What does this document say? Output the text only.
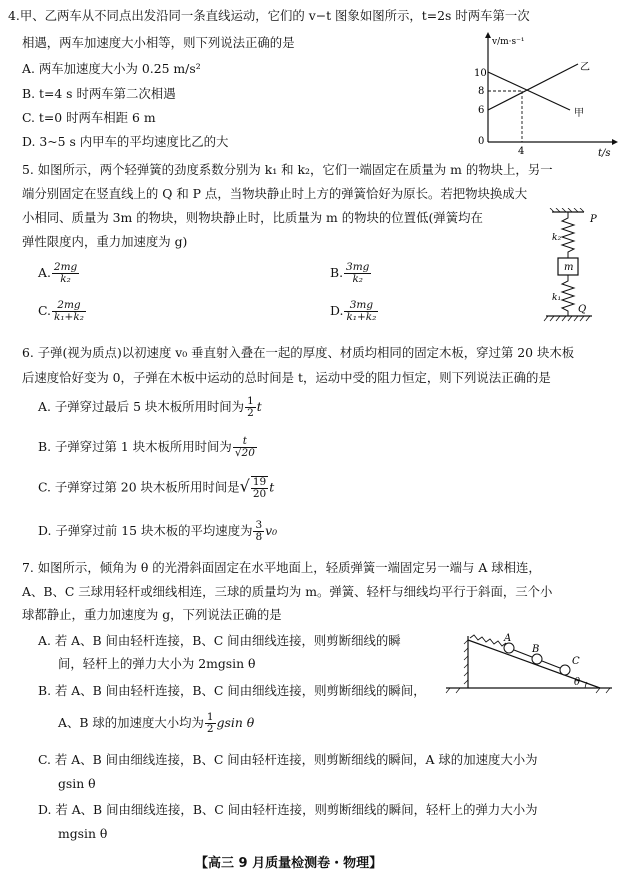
4.甲、乙两车从不同点出发沿同一条直线运动，它们的 v−t 图象如图所示，t=2s 时两车第一次
相遇，两车加速度大小相等，则下列说法正确的是
A. 两车加速度大小为 0.25 m/s²
B. t=4 s 时两车第二次相遇
C. t=0 时两车相距 6 m
D. 3~5 s 内甲车的平均速度比乙的大
v/m·s⁻¹
t/s
0
10
8
6
4
乙
甲
5. 如图所示，两个轻弹簧的劲度系数分别为 k₁ 和 k₂，它们一端固定在质量为 m 的物块上，另一
端分别固定在竖直线上的 Q 和 P 点，当物块静止时上方的弹簧恰好为原长。若把物块换成大
小相同、质量为 3m 的物块，则物块静止时，比质量为 m 的物块的位置低(弹簧均在
弹性限度内，重力加速度为 g)
A. $\frac{2mg}{\text{k₂}}$	B. $\frac{3mg}{\text{k₂}}$
C. $\frac{2mg}{\text{k₁+k₂}}$	D. $\frac{3mg}{\text{k₁+k₂}}$
P
k₂
m
k₁
Q
6. 子弹(视为质点)以初速度 v₀ 垂直射入叠在一起的厚度、材质均相同的固定木板，穿过第 20 块木板
后速度恰好变为 0，子弹在木板中运动的总时间是 t，运动中受的阻力恒定，则下列说法正确的是
A. 子弹穿过最后 5 块木板所用时间为 $\frac{1}{2}$ t
B. 子弹穿过第 1 块木板所用时间为 $\frac{t}{√20}$
C. 子弹穿过第 20 块木板所用时间是√ $\frac{19}{20}$ t
D. 子弹穿过前 15 块木板的平均速度为 $\frac{3}{8} v_0$
7. 如图所示，倾角为 θ 的光滑斜面固定在水平地面上，轻质弹簧一端固定另一端与 A 球相连，
A、B、C 三球用轻杆或细线相连，三球的质量均为 m。弹簧、轻杆与细线均平行于斜面，三个小
球都静止，重力加速度为 g，下列说法正确的是
A. 若 A、B 间由轻杆连接，B、C 间由细线连接，则剪断细线的瞬
间，轻杆上的弹力大小为 2mgsin θ
B. 若 A、B 间由轻杆连接，B、C 间由细线连接，则剪断细线的瞬间，
A、B 球的加速度大小均为 $\frac{1}{2}$ gsin θ
C. 若 A、B 间由细线连接，B、C 间由轻杆连接，则剪断细线的瞬间，A 球的加速度大小为
gsin θ
D. 若 A、B 间由细线连接，B、C 间由轻杆连接，则剪断细线的瞬间，轻杆上的弹力大小为
mgsin θ
A
B
C
θ
【高三 9 月质量检测卷・物理】
